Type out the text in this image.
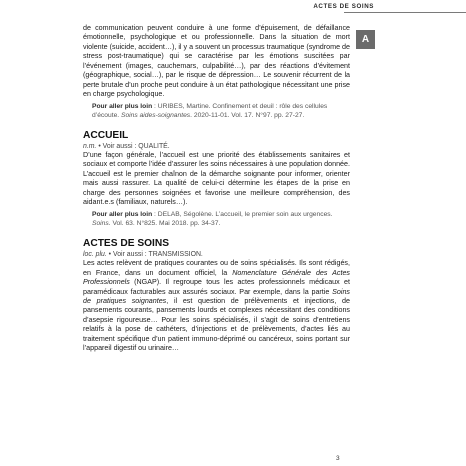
ACTES DE SOINS
A

de communication peuvent conduire à une forme d’épuisement, de défaillance émotionnelle, psychologique et ou professionnelle. Dans la situation de mort violente (suicide, accident…), il y a souvent un processus traumatique (syndrome de stress post-traumatique) qui se caractérise par les émotions suscitées par l’événement (images, cauchemars, culpabilité…), par des réactions d’évitement (géographique, social…), par le risque de dépression… Le souvenir récurrent de la perte brutale d’un proche peut conduire à un état pathologique nécessitant une prise en charge psychologique.

Pour aller plus loin : URIBES, Martine. Confinement et deuil : rôle des cellules d’écoute. Soins aides-soignantes. 2020-11-01. Vol. 17. N°97. pp. 27-27.

ACCUEIL

n.m. • Voir aussi : QUALITÉ.

D’une façon générale, l’accueil est une priorité des établissements sanitaires et sociaux et comporte l’idée d’assurer les soins nécessaires à une population donnée. L’accueil est le premier chaînon de la démarche soignante pour informer, orienter mais aussi rassurer. La qualité de celui-ci détermine les étapes de la prise en charge des personnes soignées et favorise une meilleure compréhension, des aidant.e.s (familiaux, naturels…).

Pour aller plus loin : DELAB, Ségolène. L’accueil, le premier soin aux urgences. Soins. Vol. 63. N°825. Mai 2018. pp. 34-37.

ACTES DE SOINS

loc. plu. • Voir aussi : TRANSMISSION.

Les actes relèvent de pratiques courantes ou de soins spécialisés. Ils sont rédigés, en France, dans un document officiel, la Nomenclature Générale des Actes Professionnels (NGAP). Il regroupe tous les actes professionnels médicaux et paramédicaux facturables aux assurés sociaux. Par exemple, dans la partie Soins de pratiques soignantes, il est question de prélèvements et injections, de pansements courants, pansements lourds et complexes nécessitant des conditions d’asepsie rigoureuse… Pour les soins spécialisés, il s’agit de soins d’entretiens relatifs à la pose de cathéters, d’injections et de prélèvements, d’actes liés au traitement spécifique d’un patient immuno-déprimé ou cancéreux, soins portant sur l’appareil digestif ou urinaire…

3
